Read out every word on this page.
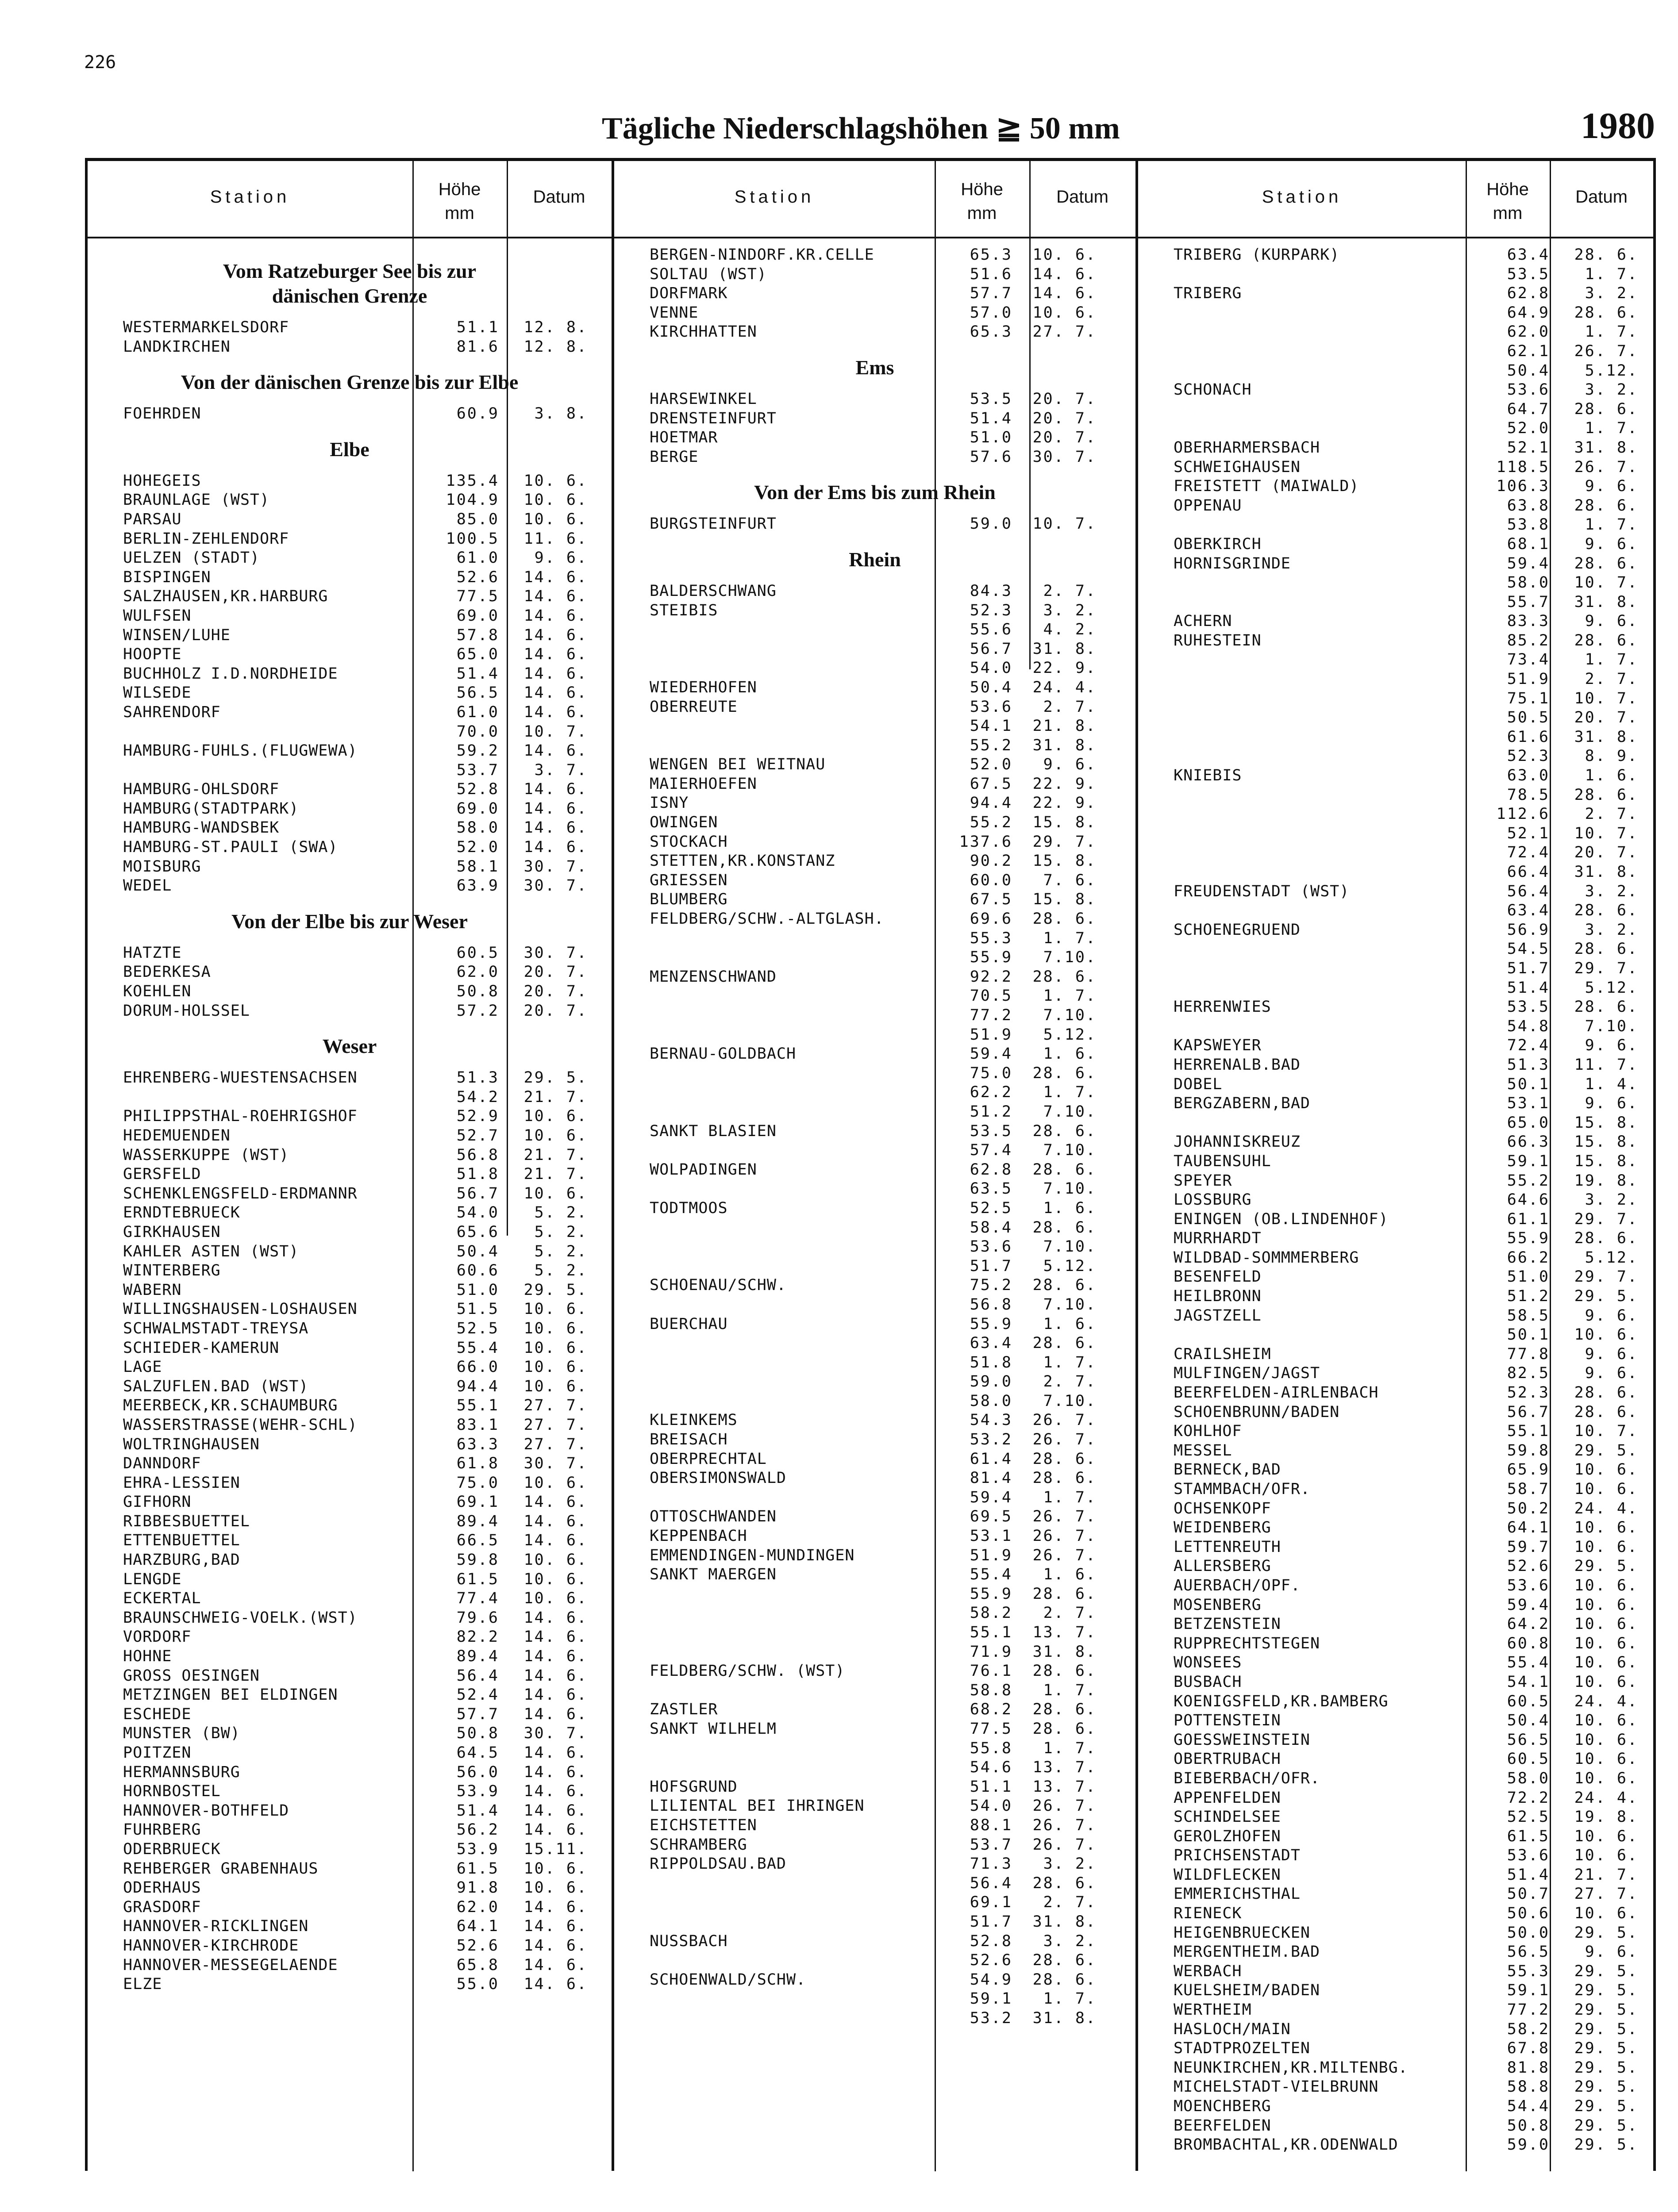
226
Tägliche Niederschlagshöhen ≧ 50 mm	1980
Station	Höhe
mm
Datum
Vom Ratzeburger See bis zur
dänischen Grenze
WESTERMARKELSDORF	51.1	12. 8.
LANDKIRCHEN	81.6	12. 8.
Von der dänischen Grenze bis zur Elbe
FOEHRDEN	60.9	3. 8.
Elbe
HOHEGEIS	135.4	10. 6.
BRAUNLAGE (WST)	104.9	10. 6.
PARSAU	85.0	10. 6.
BERLIN-ZEHLENDORF	100.5	11. 6.
UELZEN (STADT)	61.0	9. 6.
BISPINGEN	52.6	14. 6.
SALZHAUSEN,KR.HARBURG	77.5	14. 6.
WULFSEN	69.0	14. 6.
WINSEN/LUHE	57.8	14. 6.
HOOPTE	65.0	14. 6.
BUCHHOLZ I.D.NORDHEIDE	51.4	14. 6.
WILSEDE	56.5	14. 6.
SAHRENDORF	61.0	14. 6.
70.0	10. 7.
HAMBURG-FUHLS.(FLUGWEWA)	59.2	14. 6.
53.7	3. 7.
HAMBURG-OHLSDORF	52.8	14. 6.
HAMBURG(STADTPARK)	69.0	14. 6.
HAMBURG-WANDSBEK	58.0	14. 6.
HAMBURG-ST.PAULI (SWA)	52.0	14. 6.
MOISBURG	58.1	30. 7.
WEDEL	63.9	30. 7.
Von der Elbe bis zur Weser
HATZTE	60.5	30. 7.
BEDERKESA	62.0	20. 7.
KOEHLEN	50.8	20. 7.
DORUM-HOLSSEL	57.2	20. 7.
Weser
EHRENBERG-WUESTENSACHSEN	51.3	29. 5.
54.2	21. 7.
PHILIPPSTHAL-ROEHRIGSHOF	52.9	10. 6.
HEDEMUENDEN	52.7	10. 6.
WASSERKUPPE (WST)	56.8	21. 7.
GERSFELD	51.8	21. 7.
SCHENKLENGSFELD-ERDMANNR	56.7	10. 6.
ERNDTEBRUECK	54.0	5. 2.
GIRKHAUSEN	65.6	5. 2.
KAHLER ASTEN (WST)	50.4	5. 2.
WINTERBERG	60.6	5. 2.
WABERN	51.0	29. 5.
WILLINGSHAUSEN-LOSHAUSEN	51.5	10. 6.
SCHWALMSTADT-TREYSA	52.5	10. 6.
SCHIEDER-KAMERUN	55.4	10. 6.
LAGE	66.0	10. 6.
SALZUFLEN.BAD (WST)	94.4	10. 6.
MEERBECK,KR.SCHAUMBURG	55.1	27. 7.
WASSERSTRASSE(WEHR-SCHL)	83.1	27. 7.
WOLTRINGHAUSEN	63.3	27. 7.
DANNDORF	61.8	30. 7.
EHRA-LESSIEN	75.0	10. 6.
GIFHORN	69.1	14. 6.
RIBBESBUETTEL	89.4	14. 6.
ETTENBUETTEL	66.5	14. 6.
HARZBURG,BAD	59.8	10. 6.
LENGDE	61.5	10. 6.
ECKERTAL	77.4	10. 6.
BRAUNSCHWEIG-VOELK.(WST)	79.6	14. 6.
VORDORF	82.2	14. 6.
HOHNE	89.4	14. 6.
GROSS OESINGEN	56.4	14. 6.
METZINGEN BEI ELDINGEN	52.4	14. 6.
ESCHEDE	57.7	14. 6.
MUNSTER (BW)	50.8	30. 7.
POITZEN	64.5	14. 6.
HERMANNSBURG	56.0	14. 6.
HORNBOSTEL	53.9	14. 6.
HANNOVER-BOTHFELD	51.4	14. 6.
FUHRBERG	56.2	14. 6.
ODERBRUECK	53.9	15.11.
REHBERGER GRABENHAUS	61.5	10. 6.
ODERHAUS	91.8	10. 6.
GRASDORF	62.0	14. 6.
HANNOVER-RICKLINGEN	64.1	14. 6.
HANNOVER-KIRCHRODE	52.6	14. 6.
HANNOVER-MESSEGELAENDE	65.8	14. 6.
ELZE	55.0	14. 6.
Station	Höhe
mm
Datum
BERGEN-NINDORF.KR.CELLE	65.3	10. 6.
SOLTAU (WST)	51.6	14. 6.
DORFMARK	57.7	14. 6.
VENNE	57.0	10. 6.
KIRCHHATTEN	65.3	27. 7.
Ems
HARSEWINKEL	53.5	20. 7.
DRENSTEINFURT	51.4	20. 7.
HOETMAR	51.0	20. 7.
BERGE	57.6	30. 7.
Von der Ems bis zum Rhein
BURGSTEINFURT	59.0	10. 7.
Rhein
BALDERSCHWANG	84.3	2. 7.
STEIBIS	52.3	3. 2.
55.6	4. 2.
56.7	31. 8.
54.0	22. 9.
WIEDERHOFEN	50.4	24. 4.
OBERREUTE	53.6	2. 7.
54.1	21. 8.
55.2	31. 8.
WENGEN BEI WEITNAU	52.0	9. 6.
MAIERHOEFEN	67.5	22. 9.
ISNY	94.4	22. 9.
OWINGEN	55.2	15. 8.
STOCKACH	137.6	29. 7.
STETTEN,KR.KONSTANZ	90.2	15. 8.
GRIESSEN	60.0	7. 6.
BLUMBERG	67.5	15. 8.
FELDBERG/SCHW.-ALTGLASH.	69.6	28. 6.
55.3	1. 7.
55.9	7.10.
MENZENSCHWAND	92.2	28. 6.
70.5	1. 7.
77.2	7.10.
51.9	5.12.
BERNAU-GOLDBACH	59.4	1. 6.
75.0	28. 6.
62.2	1. 7.
51.2	7.10.
SANKT BLASIEN	53.5	28. 6.
57.4	7.10.
WOLPADINGEN	62.8	28. 6.
63.5	7.10.
TODTMOOS	52.5	1. 6.
58.4	28. 6.
53.6	7.10.
51.7	5.12.
SCHOENAU/SCHW.	75.2	28. 6.
56.8	7.10.
BUERCHAU	55.9	1. 6.
63.4	28. 6.
51.8	1. 7.
59.0	2. 7.
58.0	7.10.
KLEINKEMS	54.3	26. 7.
BREISACH	53.2	26. 7.
OBERPRECHTAL	61.4	28. 6.
OBERSIMONSWALD	81.4	28. 6.
59.4	1. 7.
OTTOSCHWANDEN	69.5	26. 7.
KEPPENBACH	53.1	26. 7.
EMMENDINGEN-MUNDINGEN	51.9	26. 7.
SANKT MAERGEN	55.4	1. 6.
55.9	28. 6.
58.2	2. 7.
55.1	13. 7.
71.9	31. 8.
FELDBERG/SCHW. (WST)	76.1	28. 6.
58.8	1. 7.
ZASTLER	68.2	28. 6.
SANKT WILHELM	77.5	28. 6.
55.8	1. 7.
54.6	13. 7.
HOFSGRUND	51.1	13. 7.
LILIENTAL BEI IHRINGEN	54.0	26. 7.
EICHSTETTEN	88.1	26. 7.
SCHRAMBERG	53.7	26. 7.
RIPPOLDSAU.BAD	71.3	3. 2.
56.4	28. 6.
69.1	2. 7.
51.7	31. 8.
NUSSBACH	52.8	3. 2.
52.6	28. 6.
SCHOENWALD/SCHW.	54.9	28. 6.
59.1	1. 7.
53.2	31. 8.
Station	Höhe
mm
Datum
TRIBERG (KURPARK)	63.4	28. 6.
53.5	1. 7.
TRIBERG	62.8	3. 2.
64.9	28. 6.
62.0	1. 7.
62.1	26. 7.
50.4	5.12.
SCHONACH	53.6	3. 2.
64.7	28. 6.
52.0	1. 7.
OBERHARMERSBACH	52.1	31. 8.
SCHWEIGHAUSEN	118.5	26. 7.
FREISTETT (MAIWALD)	106.3	9. 6.
OPPENAU	63.8	28. 6.
53.8	1. 7.
OBERKIRCH	68.1	9. 6.
HORNISGRINDE	59.4	28. 6.
58.0	10. 7.
55.7	31. 8.
ACHERN	83.3	9. 6.
RUHESTEIN	85.2	28. 6.
73.4	1. 7.
51.9	2. 7.
75.1	10. 7.
50.5	20. 7.
61.6	31. 8.
52.3	8. 9.
KNIEBIS	63.0	1. 6.
78.5	28. 6.
112.6	2. 7.
52.1	10. 7.
72.4	20. 7.
66.4	31. 8.
FREUDENSTADT (WST)	56.4	3. 2.
63.4	28. 6.
SCHOENEGRUEND	56.9	3. 2.
54.5	28. 6.
51.7	29. 7.
51.4	5.12.
HERRENWIES	53.5	28. 6.
54.8	7.10.
KAPSWEYER	72.4	9. 6.
HERRENALB.BAD	51.3	11. 7.
DOBEL	50.1	1. 4.
BERGZABERN,BAD	53.1	9. 6.
65.0	15. 8.
JOHANNISKREUZ	66.3	15. 8.
TAUBENSUHL	59.1	15. 8.
SPEYER	55.2	19. 8.
LOSSBURG	64.6	3. 2.
ENINGEN (OB.LINDENHOF)	61.1	29. 7.
MURRHARDT	55.9	28. 6.
WILDBAD-SOMMMERBERG	66.2	5.12.
BESENFELD	51.0	29. 7.
HEILBRONN	51.2	29. 5.
JAGSTZELL	58.5	9. 6.
50.1	10. 6.
CRAILSHEIM	77.8	9. 6.
MULFINGEN/JAGST	82.5	9. 6.
BEERFELDEN-AIRLENBACH	52.3	28. 6.
SCHOENBRUNN/BADEN	56.7	28. 6.
KOHLHOF	55.1	10. 7.
MESSEL	59.8	29. 5.
BERNECK,BAD	65.9	10. 6.
STAMMBACH/OFR.	58.7	10. 6.
OCHSENKOPF	50.2	24. 4.
WEIDENBERG	64.1	10. 6.
LETTENREUTH	59.7	10. 6.
ALLERSBERG	52.6	29. 5.
AUERBACH/OPF.	53.6	10. 6.
MOSENBERG	59.4	10. 6.
BETZENSTEIN	64.2	10. 6.
RUPPRECHTSTEGEN	60.8	10. 6.
WONSEES	55.4	10. 6.
BUSBACH	54.1	10. 6.
KOENIGSFELD,KR.BAMBERG	60.5	24. 4.
POTTENSTEIN	50.4	10. 6.
GOESSWEINSTEIN	56.5	10. 6.
OBERTRUBACH	60.5	10. 6.
BIEBERBACH/OFR.	58.0	10. 6.
APPENFELDEN	72.2	24. 4.
SCHINDELSEE	52.5	19. 8.
GEROLZHOFEN	61.5	10. 6.
PRICHSENSTADT	53.6	10. 6.
WILDFLECKEN	51.4	21. 7.
EMMERICHSTHAL	50.7	27. 7.
RIENECK	50.6	10. 6.
HEIGENBRUECKEN	50.0	29. 5.
MERGENTHEIM.BAD	56.5	9. 6.
WERBACH	55.3	29. 5.
KUELSHEIM/BADEN	59.1	29. 5.
WERTHEIM	77.2	29. 5.
HASLOCH/MAIN	58.2	29. 5.
STADTPROZELTEN	67.8	29. 5.
NEUNKIRCHEN,KR.MILTENBG.	81.8	29. 5.
MICHELSTADT-VIELBRUNN	58.8	29. 5.
MOENCHBERG	54.4	29. 5.
BEERFELDEN	50.8	29. 5.
BROMBACHTAL,KR.ODENWALD	59.0	29. 5.
